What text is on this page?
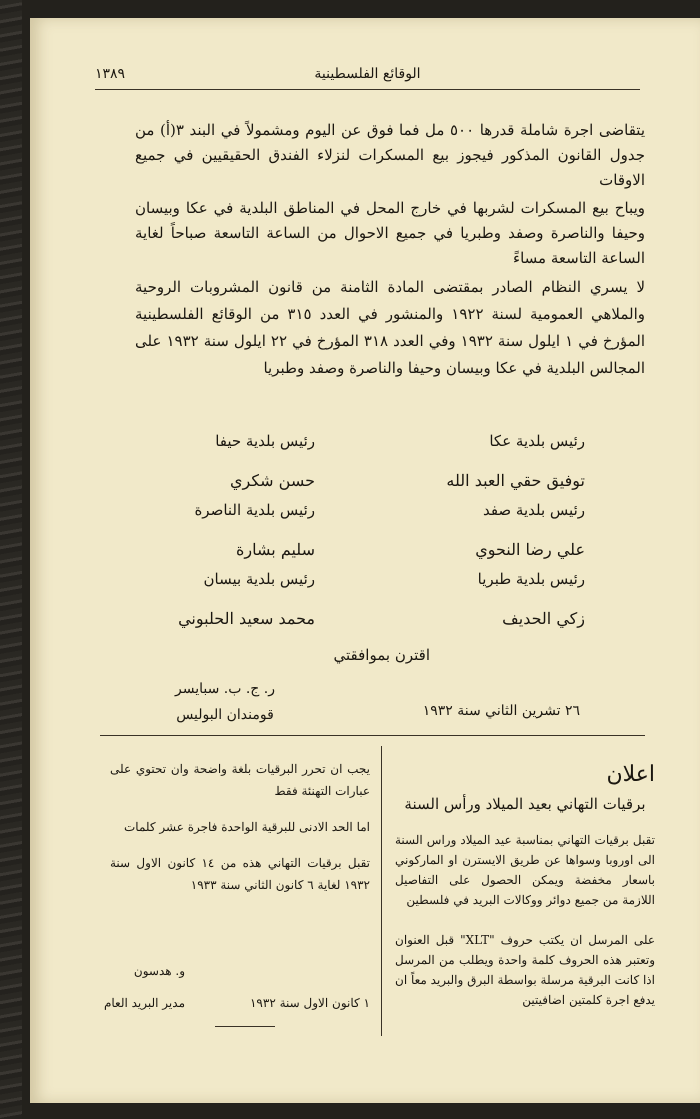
الوقائع الفلسطينية
١٣٨٩
يتقاضى اجرة شاملة قدرها ٥٠٠ مل فما فوق عن اليوم ومشمولاً في البند ٣(أ) من جدول القانون المذكور فيجوز بيع المسكرات لنزلاء الفندق الحقيقيين في جميع الاوقات
ويباح بيع المسكرات لشربها في خارج المحل في المناطق البلدية في عكا وبيسان وحيفا والناصرة وصفد وطبريا في جميع الاحوال من الساعة التاسعة صباحاً لغاية الساعة التاسعة مساءً
لا يسري النظام الصادر بمقتضى المادة الثامنة من قانون المشروبات الروحية والملاهي العمومية لسنة ١٩٢٢ والمنشور في العدد ٣١٥ من الوقائع الفلسطينية المؤرخ في ١ ايلول سنة ١٩٣٢ وفي العدد ٣١٨ المؤرخ في ٢٢ ايلول سنة ١٩٣٢ على المجالس البلدية في عكا وبيسان وحيفا والناصرة وصفد وطبريا
رئيس بلدية عكا
توفيق حقي العبد الله
رئيس بلدية حيفا
حسن شكري
رئيس بلدية صفد
علي رضا النحوي
رئيس بلدية الناصرة
سليم بشارة
رئيس بلدية طبريا
زكي الحديف
رئيس بلدية بيسان
محمد سعيد الحلبوني
اقترن بموافقتي
٢٦ تشرين الثاني سنة ١٩٣٢
ر. ج. ب. سبايسر
قومندان البوليس
اعلان
برقيات التهاني بعيد الميلاد ورأس السنة
تقبل برقيات التهاني بمناسبة عيد الميلاد وراس السنة الى اوروبا وسواها عن طريق الايسترن او الماركوني باسعار مخفضة ويمكن الحصول على التفاصيل اللازمة من جميع دوائر ووكالات البريد في فلسطين
على المرسل ان يكتب حروف "XLT" قبل العنوان وتعتبر هذه الحروف كلمة واحدة ويطلب من المرسل اذا كانت البرقية مرسلة بواسطة البرق والبريد معاً ان يدفع اجرة كلمتين اضافيتين

يجب ان تحرر البرقيات بلغة واضحة وان تحتوي على عبارات التهنئة فقط

اما الحد الادنى للبرقية الواحدة فاجرة عشر كلمات

تقبل برقيات التهاني هذه من ١٤ كانون الاول سنة ١٩٣٢ لغاية ٦ كانون الثاني سنة ١٩٣٣

و. هدسون
مدير البريد العام	١ كانون الاول سنة ١٩٣٢
